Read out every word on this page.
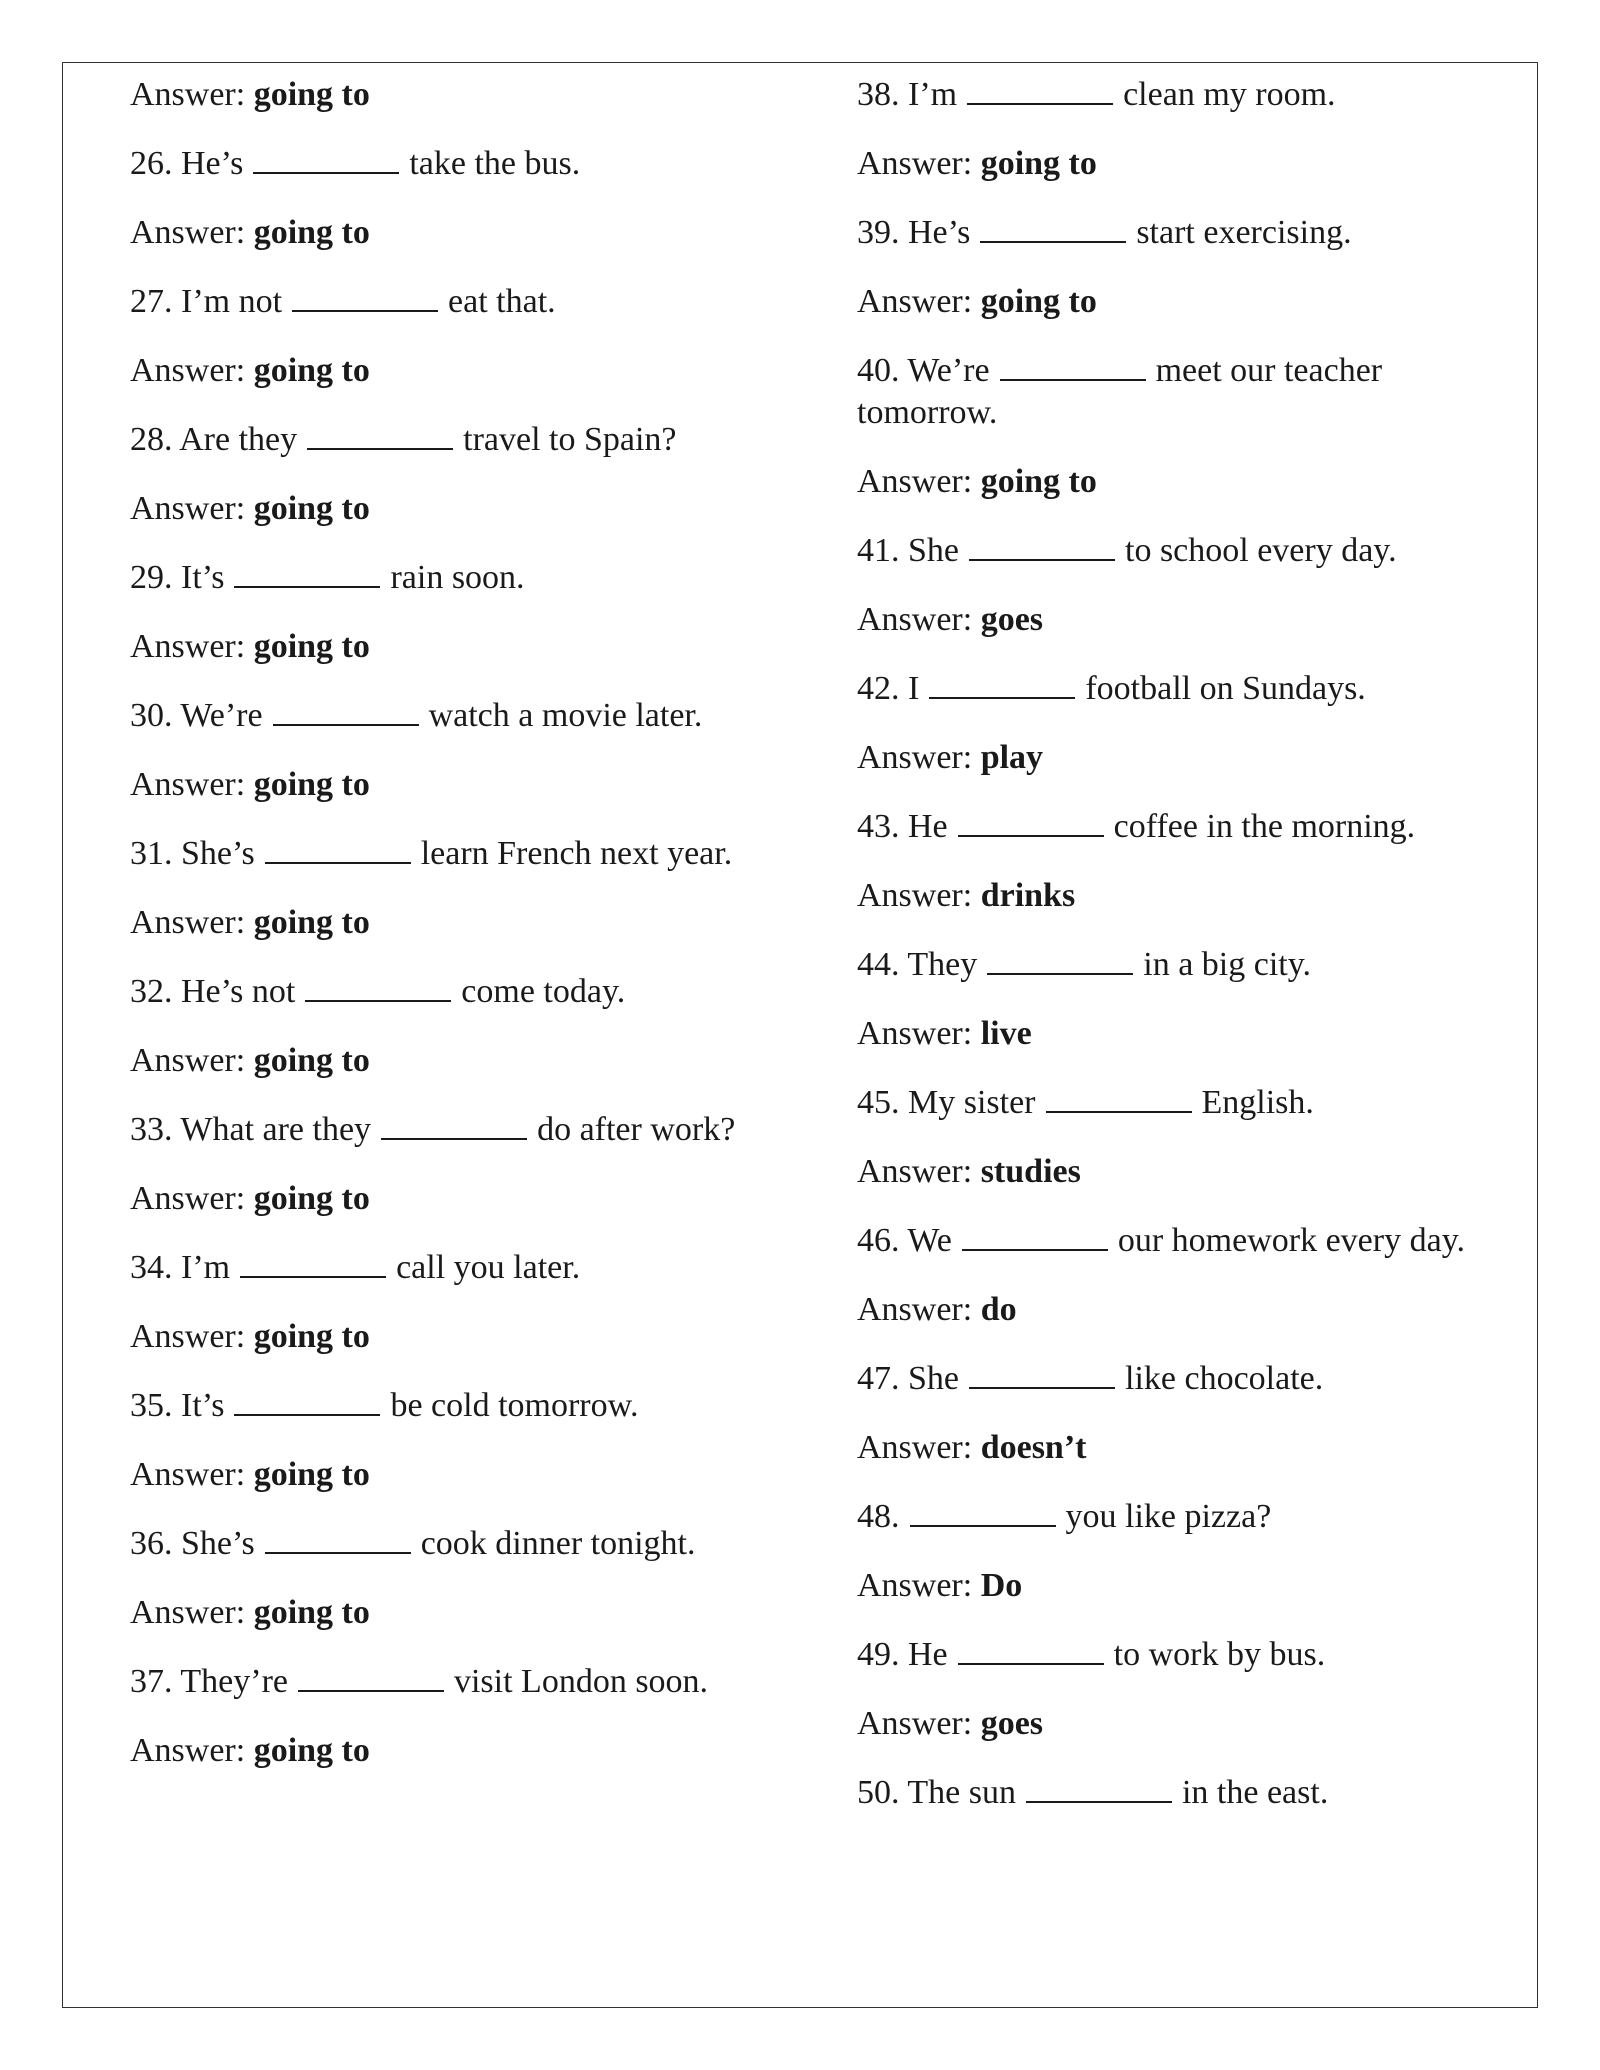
Answer: going to

26. He’s	take the bus.

Answer: going to

27. I’m not	eat that.

Answer: going to

28. Are they	travel to Spain?

Answer: going to

29. It’s	rain soon.

Answer: going to

30. We’re	watch a movie later.

Answer: going to

31. She’s	learn French next year.

Answer: going to

32. He’s not	come today.

Answer: going to

33. What are they	do after work?

Answer: going to

34. I’m	call you later.

Answer: going to

35. It’s	be cold tomorrow.

Answer: going to

36. She’s	cook dinner tonight.

Answer: going to

37. They’re	visit London soon.

Answer: going to

38. I’m	clean my room.

Answer: going to

39. He’s	start exercising.

Answer: going to

40. We’re	meet our teacher tomorrow.

Answer: going to

41. She	to school every day.

Answer: goes

42. I	football on Sundays.

Answer: play

43. He	coffee in the morning.

Answer: drinks

44. They	in a big city.

Answer: live

45. My sister	English.

Answer: studies

46. We	our homework every day.

Answer: do

47. She	like chocolate.

Answer: doesn’t

48.	you like pizza?

Answer: Do

49. He	to work by bus.

Answer: goes

50. The sun	in the east.
